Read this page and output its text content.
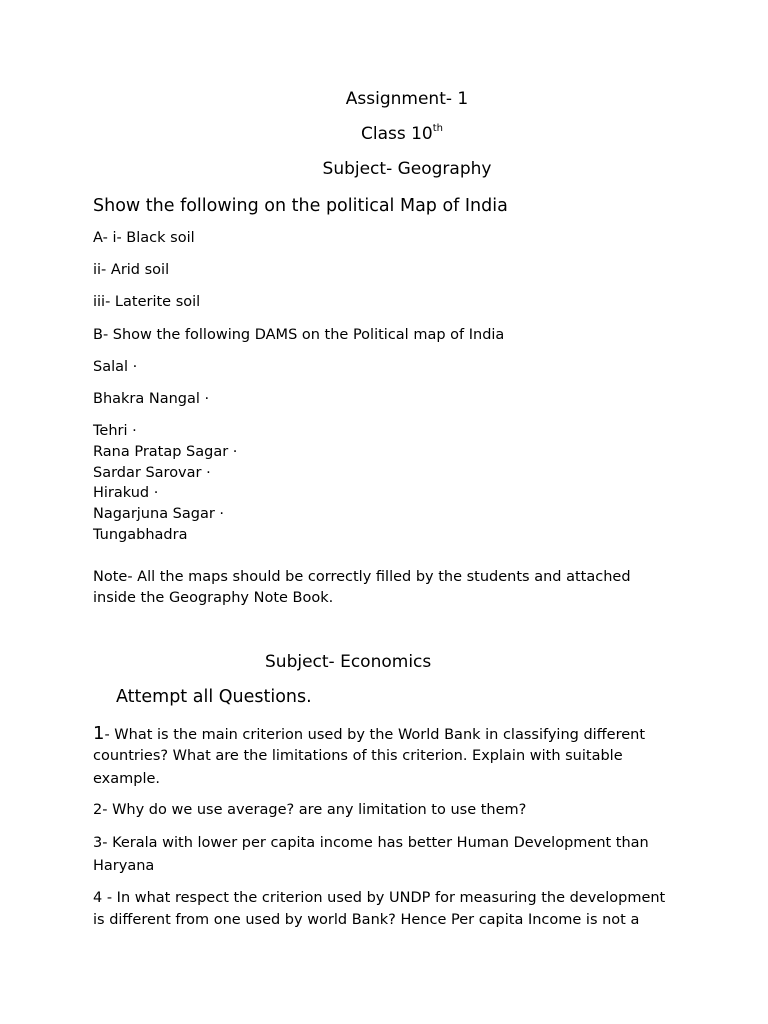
Assignment- 1
Class 10th
Subject- Geography
Show the following on the political Map of India
A- i- Black soil
ii- Arid soil
iii- Laterite soil
B- Show the following DAMS on the Political map of India
Salal ·
Bhakra Nangal ·
Tehri ·
Rana Pratap Sagar ·
Sardar Sarovar ·
Hirakud ·
Nagarjuna Sagar ·
Tungabhadra
Note- All the maps should be correctly filled by the students and attached
inside the Geography Note Book.
Subject- Economics
Attempt all Questions.
1- What is the main criterion used by the World Bank in classifying different
countries? What are the limitations of this criterion. Explain with suitable
example.
2- Why do we use average? are any limitation to use them?
3- Kerala with lower per capita income has better Human Development than
Haryana
4 - In what respect the criterion used by UNDP for measuring the development
is different from one used by world Bank? Hence Per capita Income is not a
